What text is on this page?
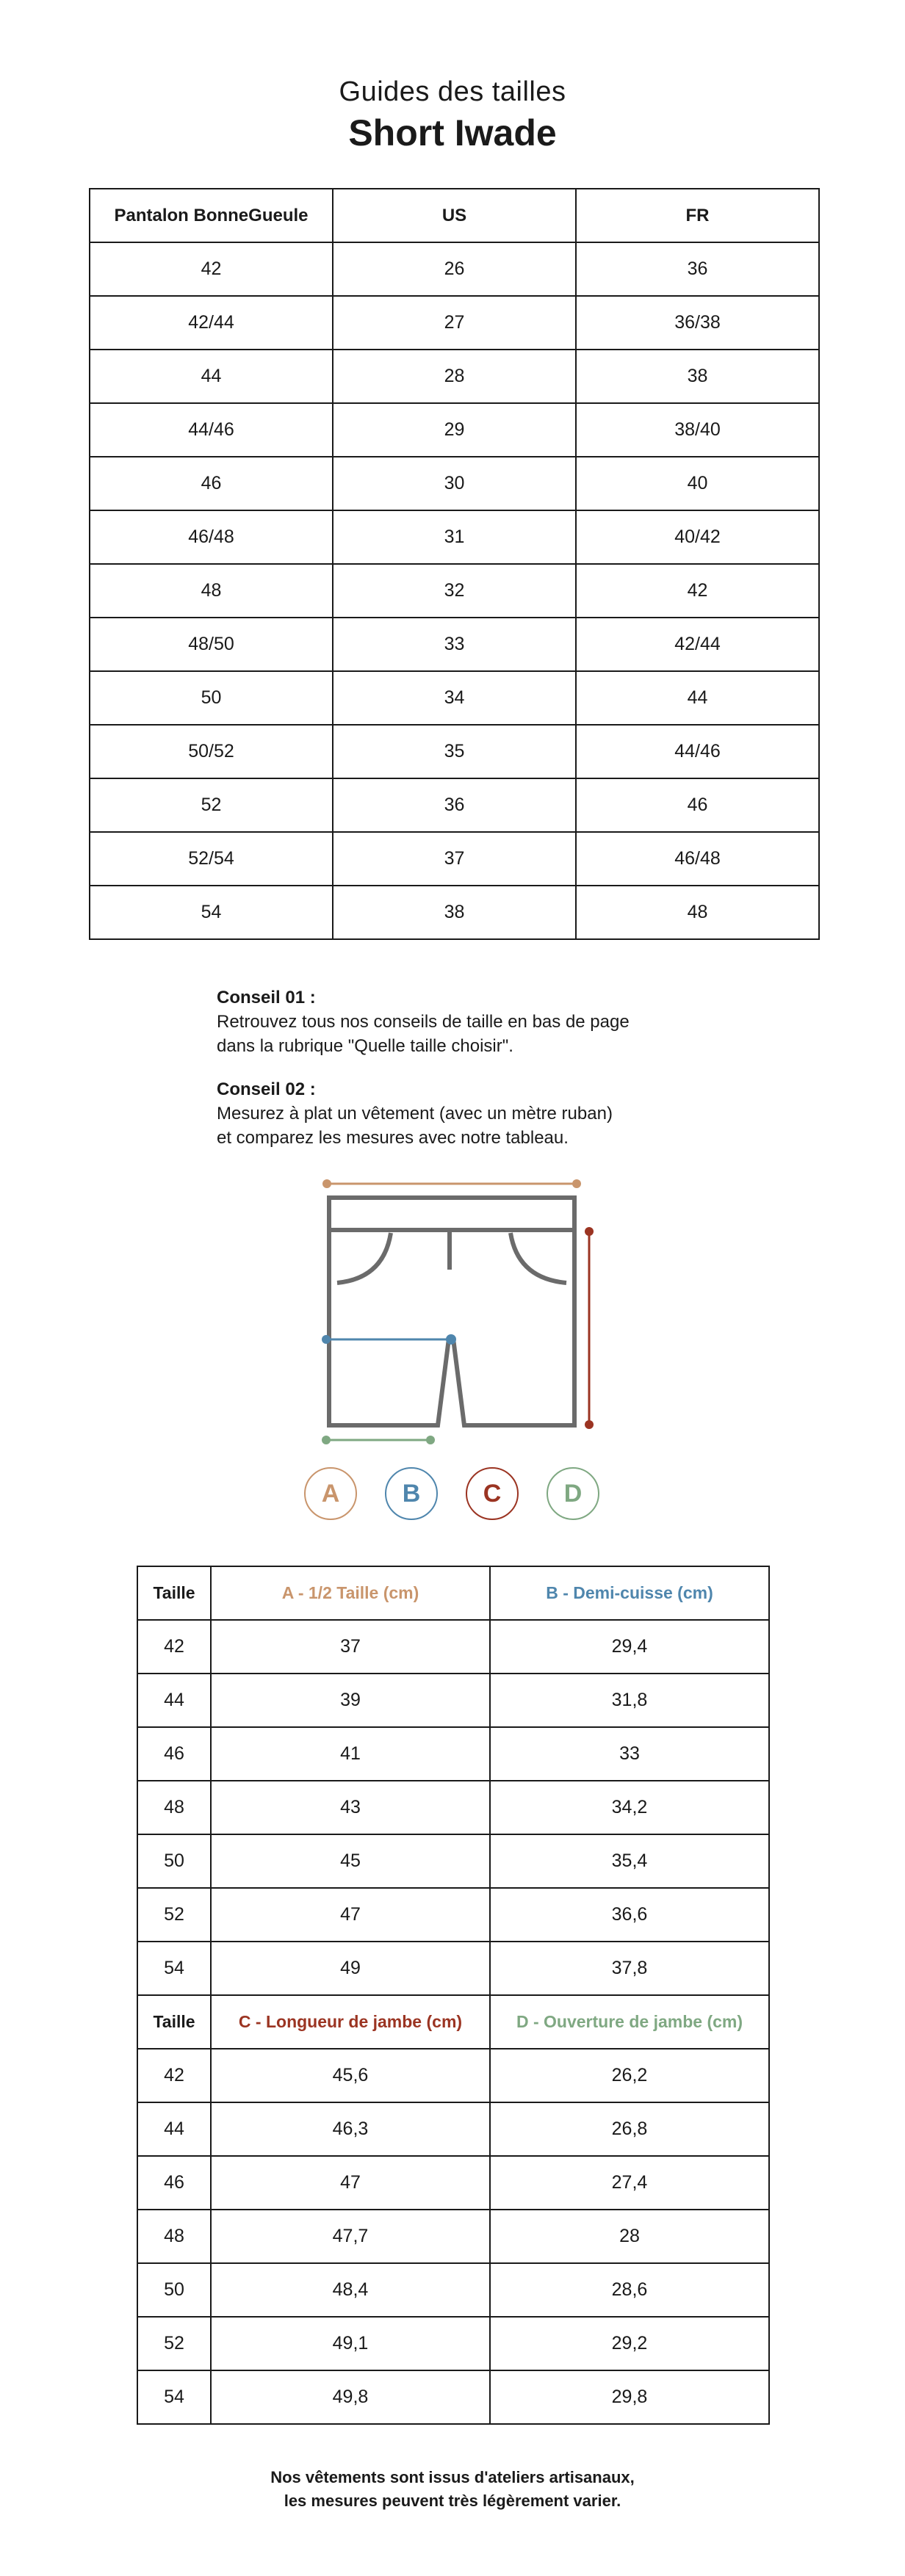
Guides des tailles
Short Iwade
Pantalon BonneGueule	US	FR
42	26	36
42/44	27	36/38
44	28	38
44/46	29	38/40
46	30	40
46/48	31	40/42
48	32	42
48/50	33	42/44
50	34	44
50/52	35	44/46
52	36	46
52/54	37	46/48
54	38	48
Conseil 01 :
Retrouvez tous nos conseils de taille en bas de page
dans la rubrique "Quelle taille choisir".
Conseil 02 :
Mesurez à plat un vêtement (avec un mètre ruban)
et comparez les mesures avec notre tableau.
A	B	C	D
Taille	A - 1/2 Taille (cm)	B - Demi-cuisse (cm)
42	37	29,4
44	39	31,8
46	41	33
48	43	34,2
50	45	35,4
52	47	36,6
54	49	37,8
Taille	C - Longueur de jambe (cm)	D - Ouverture de jambe (cm)
42	45,6	26,2
44	46,3	26,8
46	47	27,4
48	47,7	28
50	48,4	28,6
52	49,1	29,2
54	49,8	29,8
Nos vêtements sont issus d'ateliers artisanaux,
les mesures peuvent très légèrement varier.
